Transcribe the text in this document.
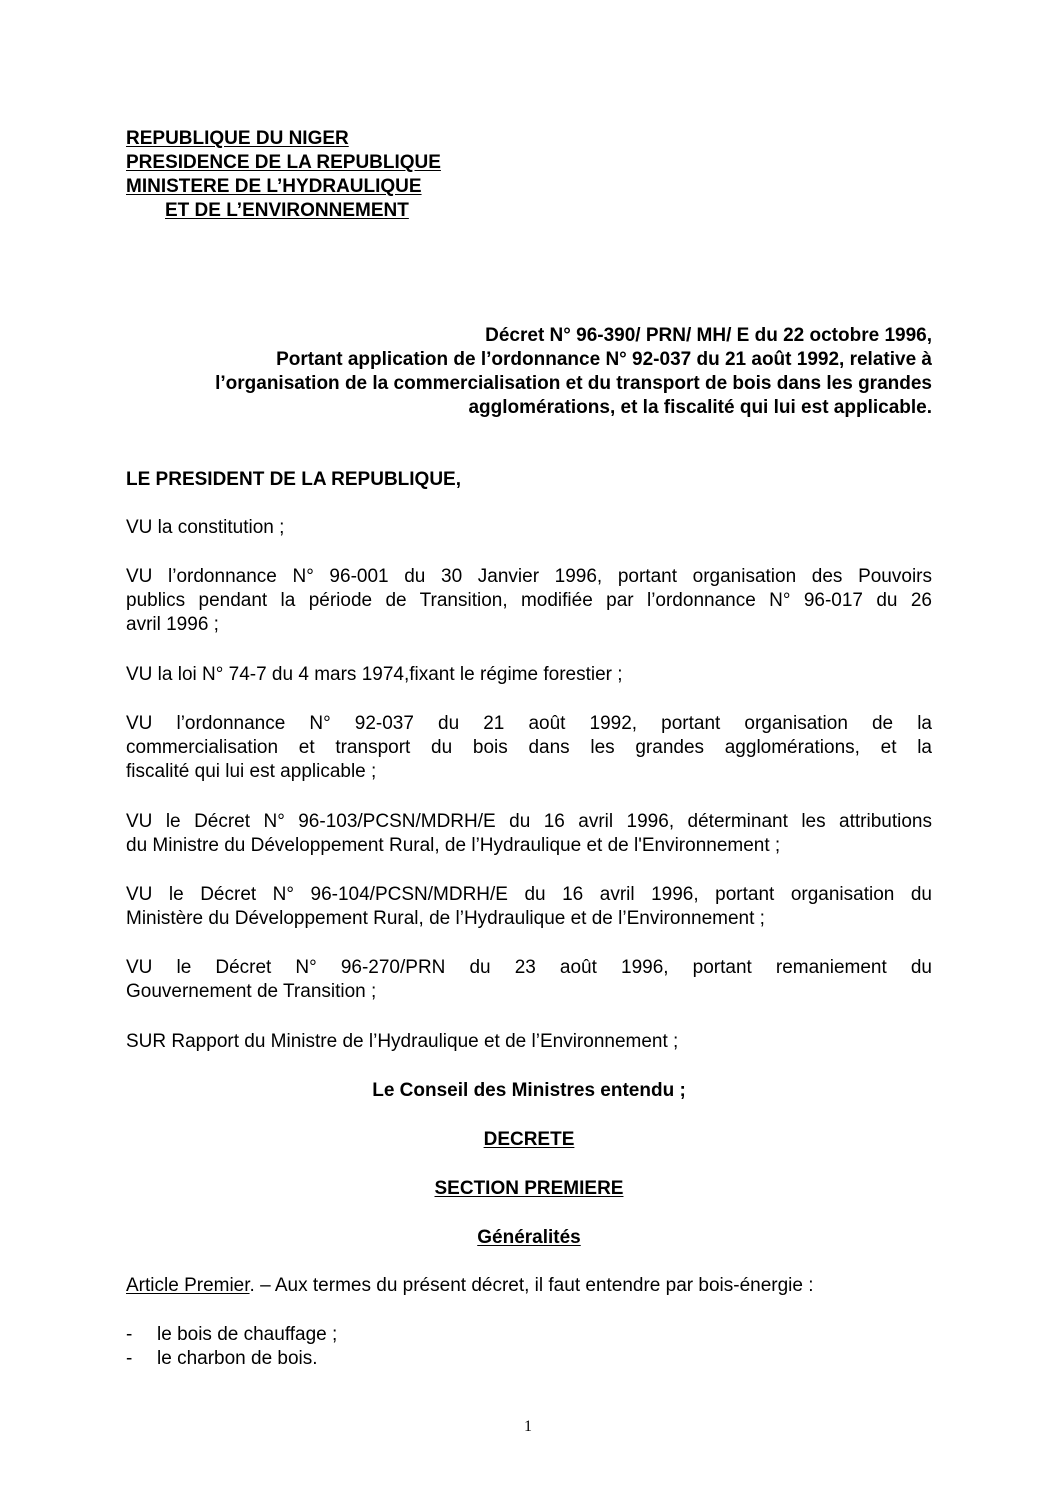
REPUBLIQUE DU NIGER

PRESIDENCE DE LA REPUBLIQUE

MINISTERE DE L’HYDRAULIQUE

ET DE L’ENVIRONNEMENT

Décret N° 96-390/ PRN/ MH/ E du 22 octobre 1996,

Portant application de l’ordonnance N° 92-037 du 21 août 1992, relative à

l’organisation de la commercialisation et du transport de bois dans les grandes

agglomérations, et la fiscalité qui lui est applicable.

LE PRESIDENT DE LA REPUBLIQUE,

VU la constitution ;

VU l’ordonnance N° 96-001 du 30 Janvier 1996, portant organisation des Pouvoirs

publics pendant la période de Transition, modifiée par l’ordonnance N° 96-017 du 26

avril 1996 ;

VU la loi N° 74-7 du 4 mars 1974,fixant le régime forestier ;

VU l’ordonnance N° 92-037 du 21 août 1992, portant organisation de la

commercialisation et transport du bois dans les grandes agglomérations, et la

fiscalité qui lui est applicable ;

VU le Décret N° 96-103/PCSN/MDRH/E du 16 avril 1996, déterminant les attributions

du Ministre du Développement Rural, de l’Hydraulique et de l'Environnement ;

VU le Décret N° 96-104/PCSN/MDRH/E du 16 avril 1996, portant organisation du

Ministère du Développement Rural, de l’Hydraulique et de l’Environnement ;

VU le Décret N° 96-270/PRN du 23 août 1996, portant remaniement du

Gouvernement de Transition ;

SUR Rapport du Ministre de l’Hydraulique et de l’Environnement ;

Le Conseil des Ministres entendu ;

DECRETE

SECTION PREMIERE

Généralités

Article Premier. – Aux termes du présent décret, il faut entendre par bois-énergie :

- le bois de chauffage ;

- le charbon de bois.

1
